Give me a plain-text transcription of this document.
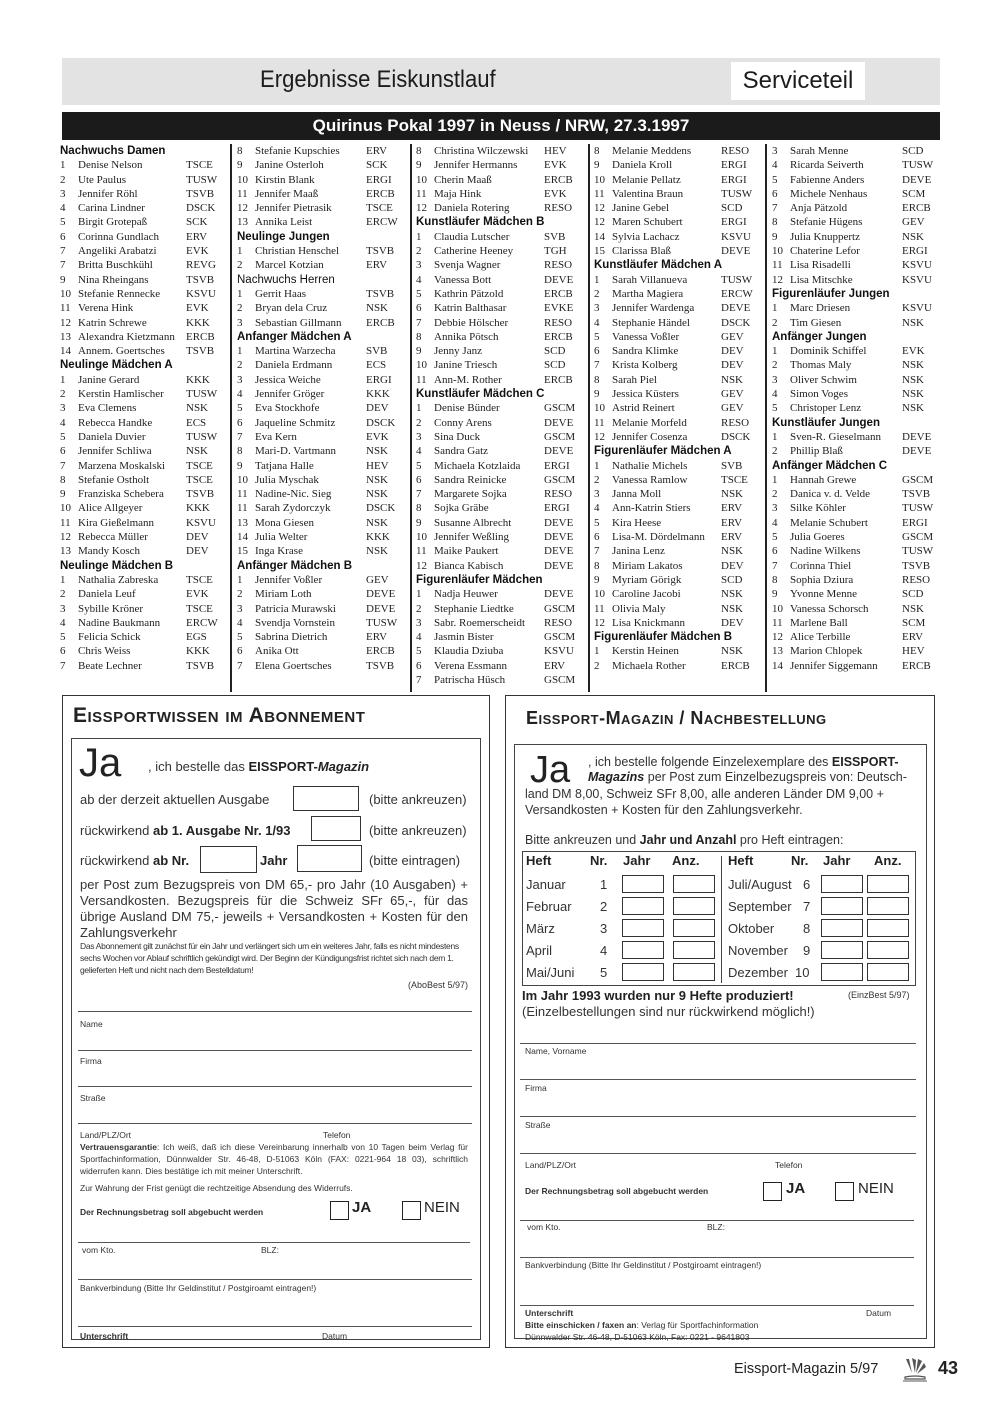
Ergebnisse Eiskunstlauf	Serviceteil
Quirinus Pokal 1997 in Neuss / NRW, 27.3.1997
Nachwuchs Damen
1	Denise Nelson	TSCE
2	Ute Paulus	TUSW
3	Jennifer Röhl	TSVB
4	Carina Lindner	DSCK
5	Birgit Grotepaß	SCK
6	Corinna Gundlach	ERV
7	Angeliki Arabatzi	EVK
7	Britta Buschkühl	REVG
9	Nina Rheingans	TSVB
10 Stefanie Rennecke	KSVU
11 Verena Hink	EVK
12 Katrin Schrewe	KKK
13 Alexandra Kietzmann	ERCB
14 Annem. Goertsches	TSVB
Neulinge Mädchen A
1	Janine Gerard	KKK
2	Kerstin Hamlischer	TUSW
3	Eva Clemens	NSK
4	Rebecca Handke	ECS
5	Daniela Duvier	TUSW
6	Jennifer Schliwa	NSK
7	Marzena Moskalski	TSCE
8	Stefanie Ostholt	TSCE
9	Franziska Schebera	TSVB
10 Alice Allgeyer	KKK
11 Kira Gießelmann	KSVU
12 Rebecca Müller	DEV
13 Mandy Kosch	DEV
Neulinge Mädchen B
1	Nathalia Zabreska	TSCE
2	Daniela Leuf	EVK
3	Sybille Kröner	TSCE
4	Nadine Baukmann	ERCW
5	Felicia Schick	EGS
6	Chris Weiss	KKK
7	Beate Lechner	TSVB
8	Stefanie Kupschies	ERV
9	Janine Osterloh	SCK
10 Kirstin Blank	ERGI
11 Jennifer Maaß	ERCB
12 Jennifer Pietrasik	TSCE
13 Annika Leist	ERCW
Neulinge Jungen
1	Christian Henschel	TSVB
2	Marcel Kotzian	ERV
Nachwuchs Herren
1	Gerrit Haas	TSVB
2	Bryan dela Cruz	NSK
3	Sebastian Gillmann	ERCB
Anfanger Mädchen A
1	Martina Warzecha	SVB
2	Daniela Erdmann	ECS
3	Jessica Weiche	ERGI
4	Jennifer Gröger	KKK
5	Eva Stockhofe	DEV
6	Jaqueline Schmitz	DSCK
7	Eva Kern	EVK
8	Mari-D. Vartmann	NSK
9	Tatjana Halle	HEV
10 Julia Myschak	NSK
11 Nadine-Nic. Sieg	NSK
11 Sarah Zydorczyk	DSCK
13 Mona Giesen	NSK
14 Julia Welter	KKK
15 Inga Krase	NSK
Anfänger Mädchen B
1	Jennifer Voßler	GEV
2	Miriam Loth	DEVE
3	Patricia Murawski	DEVE
4	Svendja Vornstein	TUSW
5	Sabrina Dietrich	ERV
6	Anika Ott	ERCB
7	Elena Goertsches	TSVB
8	Christina Wilczewski	HEV
9	Jennifer Hermanns	EVK
10 Cherin Maaß	ERCB
11 Maja Hink	EVK
12 Daniela Rotering	RESO
Kunstläufer Mädchen B
1	Claudia Lutscher	SVB
2	Catherine Heeney	TGH
3	Svenja Wagner	RESO
4	Vanessa Bott	DEVE
5	Kathrin Pätzold	ERCB
6	Katrin Balthasar	EVKE
7	Debbie Hölscher	RESO
8	Annika Pötsch	ERCB
9	Jenny Janz	SCD
10 Janine Triesch	SCD
11 Ann-M. Rother	ERCB
Kunstläufer Mädchen C
1	Denise Bünder	GSCM
2	Conny Arens	DEVE
3	Sina Duck	GSCM
4	Sandra Gatz	DEVE
5	Michaela Kotzlaida	ERGI
6	Sandra Reinicke	GSCM
7	Margarete Sojka	RESO
8	Sojka Gräbe	ERGI
9	Susanne Albrecht	DEVE
10 Jennifer Weßling	DEVE
11 Maike Paukert	DEVE
12 Bianca Kabisch	DEVE
Figurenläufer Mädchen
1	Nadja Heuwer	DEVE
2	Stephanie Liedtke	GSCM
3	Sabr. Roemerscheidt	RESO
4	Jasmin Bister	GSCM
5	Klaudia Dziuba	KSVU
6	Verena Essmann	ERV
7	Patrischa Hüsch	GSCM
8	Melanie Meddens	RESO
9	Daniela Kroll	ERGI
10 Melanie Pellatz	ERGI
11 Valentina Braun	TUSW
12 Janine Gebel	SCD
12 Maren Schubert	ERGI
14 Sylvia Lachacz	KSVU
15 Clarissa Blaß	DEVE
Kunstläufer Mädchen A
1	Sarah Villanueva	TUSW
2	Martha Magiera	ERCW
3	Jennifer Wardenga	DEVE
4	Stephanie Händel	DSCK
5	Vanessa Voßler	GEV
6	Sandra Klimke	DEV
7	Krista Kolberg	DEV
8	Sarah Piel	NSK
9	Jessica Küsters	GEV
10 Astrid Reinert	GEV
11 Melanie Morfeld	RESO
12 Jennifer Cosenza	DSCK
Figurenläufer Mädchen A
1	Nathalie Michels	SVB
2	Vanessa Ramlow	TSCE
3	Janna Moll	NSK
4	Ann-Katrin Stiers	ERV
5	Kira Heese	ERV
6	Lisa-M. Dördelmann	ERV
7	Janina Lenz	NSK
8	Miriam Lakatos	DEV
9	Myriam Görigk	SCD
10 Caroline Jacobi	NSK
11 Olivia Maly	NSK
12 Lisa Knickmann	DEV
Figurenläufer Mädchen B
1	Kerstin Heinen	NSK
2	Michaela Rother	ERCB
3	Sarah Menne	SCD
4	Ricarda Seiverth	TUSW
5	Fabienne Anders	DEVE
6	Michele Nenhaus	SCM
7	Anja Pätzold	ERCB
8	Stefanie Hügens	GEV
9	Julia Knuppertz	NSK
10 Chaterine Lefor	ERGI
11 Lisa Risadelli	KSVU
12 Lisa Mitschke	KSVU
Figurenläufer Jungen
1	Marc Driesen	KSVU
2	Tim Giesen	NSK
Anfänger Jungen
1	Dominik Schiffel	EVK
2	Thomas Maly	NSK
3	Oliver Schwim	NSK
4	Simon Voges	NSK
5	Christoper Lenz	NSK
Kunstläufer Jungen
1	Sven-R. Gieselmann	DEVE
2	Phillip Blaß	DEVE
Anfänger Mädchen C
1	Hannah Grewe	GSCM
2	Danica v. d. Velde	TSVB
3	Silke Köhler	TUSW
4	Melanie Schubert	ERGI
5	Julia Goeres	GSCM
6	Nadine Wilkens	TUSW
7	Corinna Thiel	TSVB
8	Sophia Dziura	RESO
9	Yvonne Menne	SCD
10 Vanessa Schorsch	NSK
11 Marlene Ball	SCM
12 Alice Terbille	ERV
13 Marion Chlopek	HEV
14 Jennifer Siggemann	ERCB
Eissportwissen im Abonnement
Ja , ich bestelle das EISSPORT-Magazin
ab der derzeit aktuellen Ausgabe	(bitte ankreuzen)
rückwirkend ab 1. Ausgabe Nr. 1/93	(bitte ankreuzen)
rückwirkend ab Nr.	Jahr	(bitte eintragen)
per Post zum Bezugspreis von DM 65,- pro Jahr (10 Ausgaben) + Versandkosten. Bezugspreis für die Schweiz SFr 65,-, für das übrige Ausland DM 75,- jeweils + Versandkosten + Kosten für den Zahlungsverkehr
Das Abonnement gilt zunächst für ein Jahr und verlängert sich um ein weiteres Jahr, falls es nicht mindestens sechs Wochen vor Ablauf schriftlich gekündigt wird. Der Beginn der Kündigungsfrist richtet sich nach dem 1. gelieferten Heft und nicht nach dem Bestelldatum!
(AboBest 5/97)
Name
Firma
Straße
Land/PLZ/Ort	Telefon
Vertrauensgarantie: Ich weiß, daß ich diese Vereinbarung innerhalb von 10 Tagen beim Verlag für Sportfachinformation, Dünnwalder Str. 46-48, D-51063 Köln (FAX: 0221-964 18 03), schriftlich widerrufen kann. Dies bestätige ich mit meiner Unterschrift.
Zur Wahrung der Frist genügt die rechtzeitige Absendung des Widerrufs.
Der Rechnungsbetrag soll abgebucht werden	JA	NEIN
vom Kto.	BLZ:
Bankverbindung (Bitte Ihr Geldinstitut / Postgiroamt eintragen!)
Unterschrift	Datum
Eissport-Magazin / Nachbestellung
Ja , ich bestelle folgende Einzelexemplare des EISSPORT-
Magazins per Post zum Einzelbezugspreis von: Deutsch-
land DM 8,00, Schweiz SFr 8,00, alle anderen Länder DM 9,00 +
Versandkosten + Kosten für den Zahlungsverkehr.
Bitte ankreuzen und Jahr und Anzahl pro Heft eintragen:
Heft	Nr. Jahr Anz. Heft	Nr. Jahr Anz.
Januar	1
Februar 2
März	3
April	4
Mai/Juni 5
Juli/August 6
September 7
Oktober 8
November 9
Dezember 10
Im Jahr 1993 wurden nur 9 Hefte produziert!	(EinzBest 5/97)
(Einzelbestellungen sind nur rückwirkend möglich!)
Name, Vorname
Firma
Straße
Land/PLZ/Ort	Telefon
Der Rechnungsbetrag soll abgebucht werden	JA	NEIN
vom Kto.	BLZ:
Bankverbindung (Bitte Ihr Geldinstitut / Postgiroamt eintragen!)
Unterschrift	Datum
Bitte einschicken / faxen an: Verlag für Sportfachinformation
Dünnwalder Str. 46-48, D-51063 Köln, Fax: 0221 - 9641803
Eissport-Magazin 5/97	43
